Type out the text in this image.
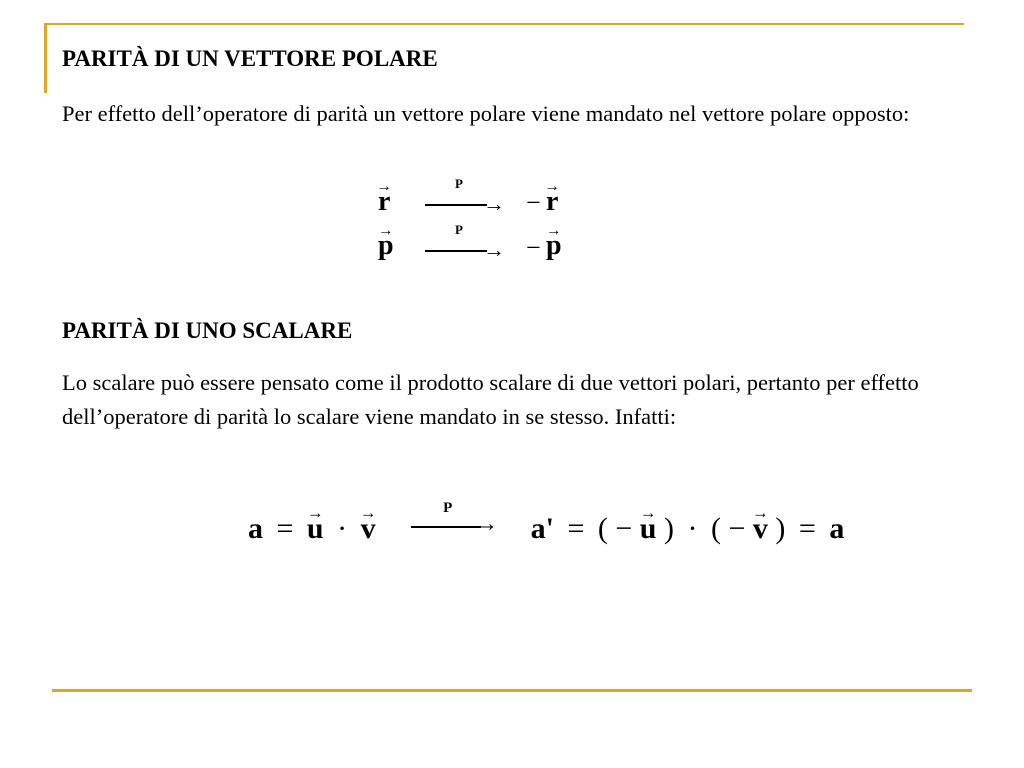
PARITÀ DI UN VETTORE POLARE

Per effetto dell’operatore di parità un vettore polare viene mandato nel vettore polare opposto:

→ r
P
→ − → r
→ p
P
→ − → p
PARITÀ DI UNO SCALARE

Lo scalare può essere pensato come il prodotto scalare di due vettori polari, pertanto per effetto dell’operatore di parità lo scalare viene mandato in se stesso. Infatti:

a = → u · → v
P
→ a' = ( − → u ) · ( − → v ) = a
